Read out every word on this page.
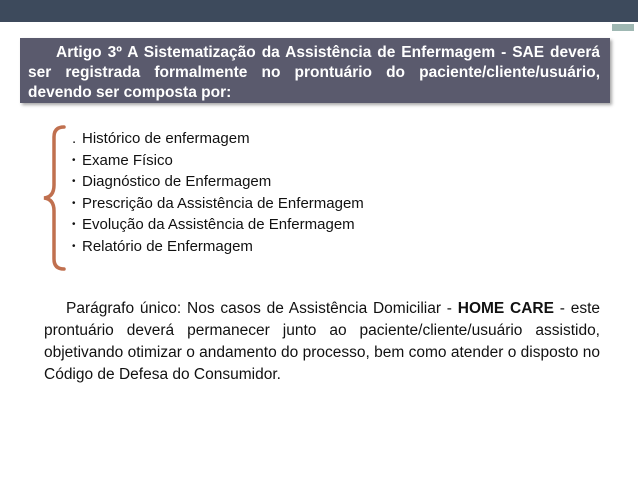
Artigo 3º A Sistematização da Assistência de Enfermagem - SAE deverá ser registrada formalmente no prontuário do paciente/cliente/usuário, devendo ser composta por:

. Histórico de enfermagem
• Exame Físico
• Diagnóstico de Enfermagem
• Prescrição da Assistência de Enfermagem
• Evolução da Assistência de Enfermagem
• Relatório de Enfermagem

Parágrafo único: Nos casos de Assistência Domiciliar - HOME CARE - este prontuário deverá permanecer junto ao paciente/cliente/usuário assistido, objetivando otimizar o andamento do processo, bem como atender o disposto no Código de Defesa do Consumidor.
